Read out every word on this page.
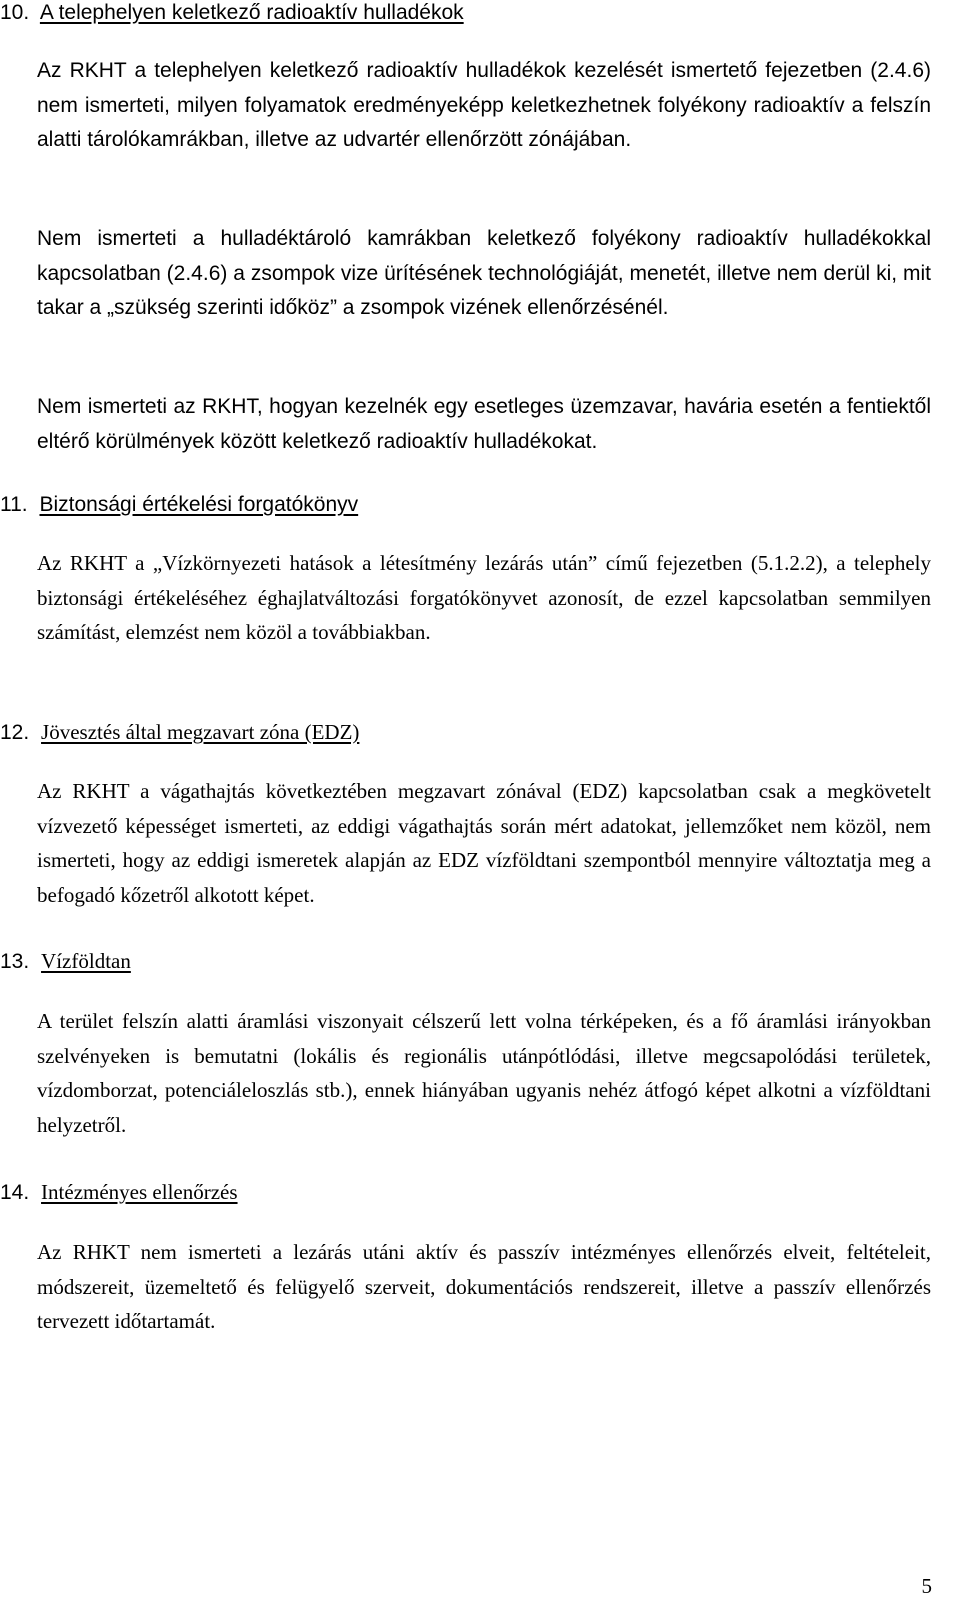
10. A telephelyen keletkező radioaktív hulladékok

Az RKHT a telephelyen keletkező radioaktív hulladékok kezelését ismertető fejezetben (2.4.6) nem ismerteti, milyen folyamatok eredményeképp keletkezhetnek folyékony radioaktív a felszín alatti tárolókamrákban, illetve az udvartér ellenőrzött zónájában.

Nem ismerteti a hulladéktároló kamrákban keletkező folyékony radioaktív hulladékokkal kapcsolatban (2.4.6) a zsompok vize ürítésének technológiáját, menetét, illetve nem derül ki, mit takar a „szükség szerinti időköz” a zsompok vizének ellenőrzésénél.

Nem ismerteti az RKHT, hogyan kezelnék egy esetleges üzemzavar, havária esetén a fentiektől eltérő körülmények között keletkező radioaktív hulladékokat.

11. Biztonsági értékelési forgatókönyv

Az RKHT a „Vízkörnyezeti hatások a létesítmény lezárás után” című fejezetben (5.1.2.2), a telephely biztonsági értékeléséhez éghajlatváltozási forgatókönyvet azonosít, de ezzel kapcsolatban semmilyen számítást, elemzést nem közöl a továbbiakban.

12. Jövesztés által megzavart zóna (EDZ)

Az RKHT a vágathajtás következtében megzavart zónával (EDZ) kapcsolatban csak a megkövetelt vízvezető képességet ismerteti, az eddigi vágathajtás során mért adatokat, jellemzőket nem közöl, nem ismerteti, hogy az eddigi ismeretek alapján az EDZ vízföldtani szempontból mennyire változtatja meg a befogadó kőzetről alkotott képet.

13. Vízföldtan

A terület felszín alatti áramlási viszonyait célszerű lett volna térképeken, és a fő áramlási irányokban szelvényeken is bemutatni (lokális és regionális utánpótlódási, illetve megcsapolódási területek, vízdomborzat, potenciáleloszlás stb.), ennek hiányában ugyanis nehéz átfogó képet alkotni a vízföldtani helyzetről.

14. Intézményes ellenőrzés

Az RHKT nem ismerteti a lezárás utáni aktív és passzív intézményes ellenőrzés elveit, feltételeit, módszereit, üzemeltető és felügyelő szerveit, dokumentációs rendszereit, illetve a passzív ellenőrzés tervezett időtartamát.

5
